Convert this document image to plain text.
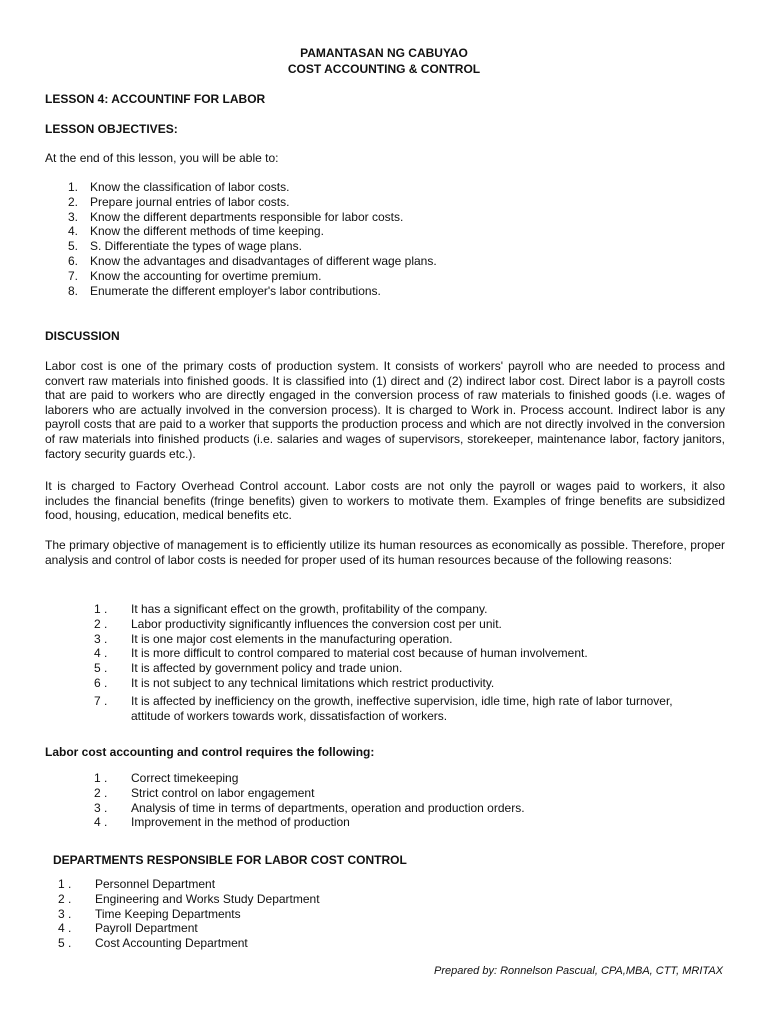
PAMANTASAN NG CABUYAO
COST ACCOUNTING & CONTROL
LESSON 4: ACCOUNTINF FOR LABOR
LESSON OBJECTIVES:
At the end of this lesson, you will be able to:
1. Know the classification of labor costs.
2. Prepare journal entries of labor costs.
3. Know the different departments responsible for labor costs.
4. Know the different methods of time keeping.
5. S. Differentiate the types of wage plans.
6. Know the advantages and disadvantages of different wage plans.
7. Know the accounting for overtime premium.
8. Enumerate the different employer's labor contributions.
DISCUSSION

Labor cost is one of the primary costs of production system. It consists of workers' payroll who are needed to process and convert raw materials into finished goods. It is classified into (1) direct and (2) indirect labor cost. Direct labor is a payroll costs that are paid to workers who are directly engaged in the conversion process of raw materials to finished goods (i.e. wages of laborers who are actually involved in the conversion process). It is charged to Work in. Process account. Indirect labor is any payroll costs that are paid to a worker that supports the production process and which are not directly involved in the conversion of raw materials into finished products (i.e. salaries and wages of supervisors, storekeeper, maintenance labor, factory janitors, factory security guards etc.).

It is charged to Factory Overhead Control account. Labor costs are not only the payroll or wages paid to workers, it also includes the financial benefits (fringe benefits) given to workers to motivate them. Examples of fringe benefits are subsidized food, housing, education, medical benefits etc.

The primary objective of management is to efficiently utilize its human resources as economically as possible. Therefore, proper analysis and control of labor costs is needed for proper used of its human resources because of the following reasons:

1 .	It has a significant effect on the growth, profitability of the company.
2 .	Labor productivity significantly influences the conversion cost per unit.
3 .	It is one major cost elements in the manufacturing operation.
4 .	It is more difficult to control compared to material cost because of human involvement.
5 .	It is affected by government policy and trade union.
6 .	It is not subject to any technical limitations which restrict productivity.
7 .	It is affected by inefficiency on the growth, ineffective supervision, idle time, high rate of labor turnover,
attitude of workers towards work, dissatisfaction of workers.
Labor cost accounting and control requires the following:
1 .	Correct timekeeping
2 .	Strict control on labor engagement
3 .	Analysis of time in terms of departments, operation and production orders.
4 .	Improvement in the method of production
DEPARTMENTS RESPONSIBLE FOR LABOR COST CONTROL
1 .	Personnel Department
2 .	Engineering and Works Study Department
3 .	Time Keeping Departments
4 .	Payroll Department
5 .	Cost Accounting Department
Prepared by: Ronnelson Pascual, CPA,MBA, CTT, MRITAX
